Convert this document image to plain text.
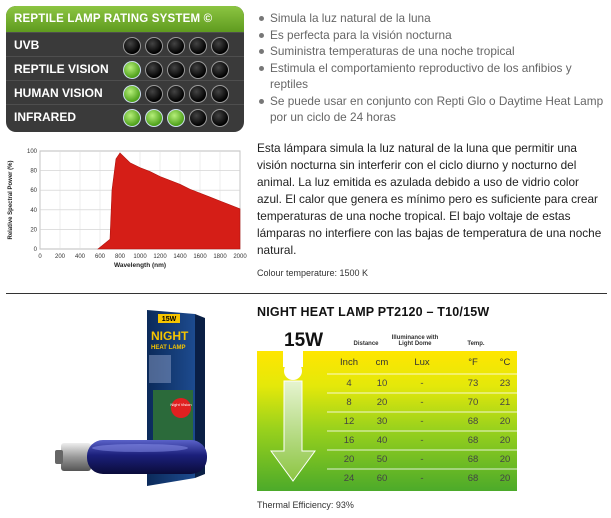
REPTILE LAMP RATING SYSTEM ©
UVB
REPTILE VISION
HUMAN VISION
INFRARED
Simula la luz natural de la luna
Es perfecta para la visión nocturna
Suministra temperaturas de una noche tropical
Estimula el comportamiento reproductivo de los anfibios y reptiles
Se puede usar en conjunto con Repti Glo o Daytime Heat Lamp por un ciclo de 24 horas
0
20
40
60
80
100
0 200 400 600 800 1000 1200 1400 1600 1800 2000
Wavelength (nm)
Relative Spectral Power (%)

Esta lámpara simula la luz natural de la luna que permitir una visión nocturna sin interferir con el ciclo diurno y nocturno del animal. La luz emitida es azulada debido a uso de vidrio color azul. El calor que genera es mínimo pero es suficiente para crear temperaturas de una noche tropical. El bajo voltaje de estas lámparas no interfiere con las bajas de temperatura de una noche natural.

Colour temperature: 1500 K
15W
NIGHT
HEAT LAMP
Night Vision
NIGHT HEAT LAMP PT2120 – T10/15W
15W	Distance
Illuminance with Light Dome	Temp.
Inch	cm	Lux	°F	°C
4	10	-	73	23
8	20	-	70	21
12	30	-	68	20
16	40	-	68	20
20	50	-	68	20
24	60	-	68	20
Thermal Efficiency: 93%
